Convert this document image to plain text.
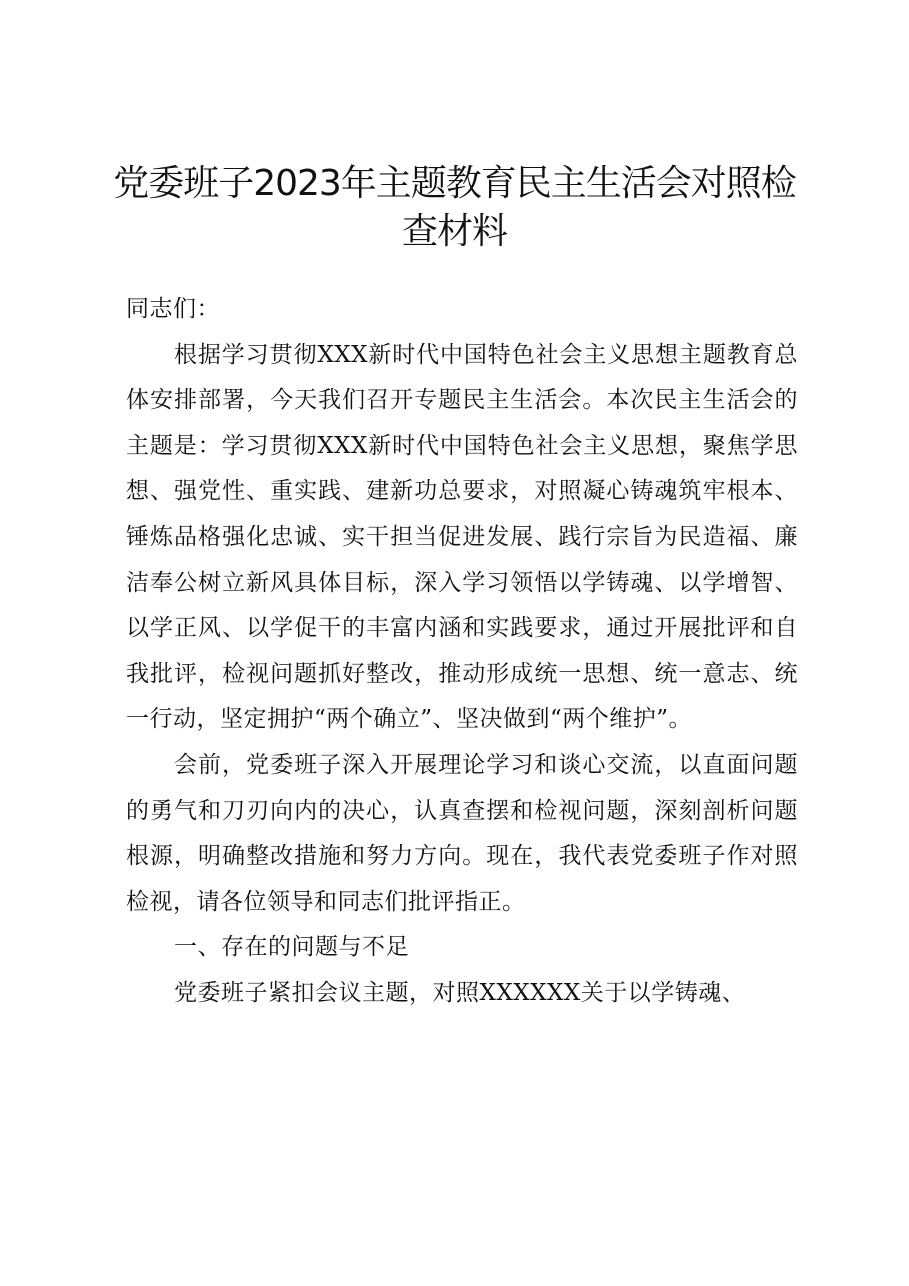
党委班子2023年主题教育民主生活会对照检查材料

同志们：

根据学习贯彻XXX新时代中国特色社会主义思想主题教育总体安排部署，今天我们召开专题民主生活会。本次民主生活会的主题是：学习贯彻XXX新时代中国特色社会主义思想，聚焦学思想、强党性、重实践、建新功总要求，对照凝心铸魂筑牢根本、锤炼品格强化忠诚、实干担当促进发展、践行宗旨为民造福、廉洁奉公树立新风具体目标，深入学习领悟以学铸魂、以学增智、以学正风、以学促干的丰富内涵和实践要求，通过开展批评和自我批评，检视问题抓好整改，推动形成统一思想、统一意志、统一行动，坚定拥护“两个确立”、坚决做到“两个维护”。

会前，党委班子深入开展理论学习和谈心交流，以直面问题的勇气和刀刃向内的决心，认真查摆和检视问题，深刻剖析问题根源，明确整改措施和努力方向。现在，我代表党委班子作对照检视，请各位领导和同志们批评指正。

一、存在的问题与不足

党委班子紧扣会议主题，对照XXXXXX关于以学铸魂、
